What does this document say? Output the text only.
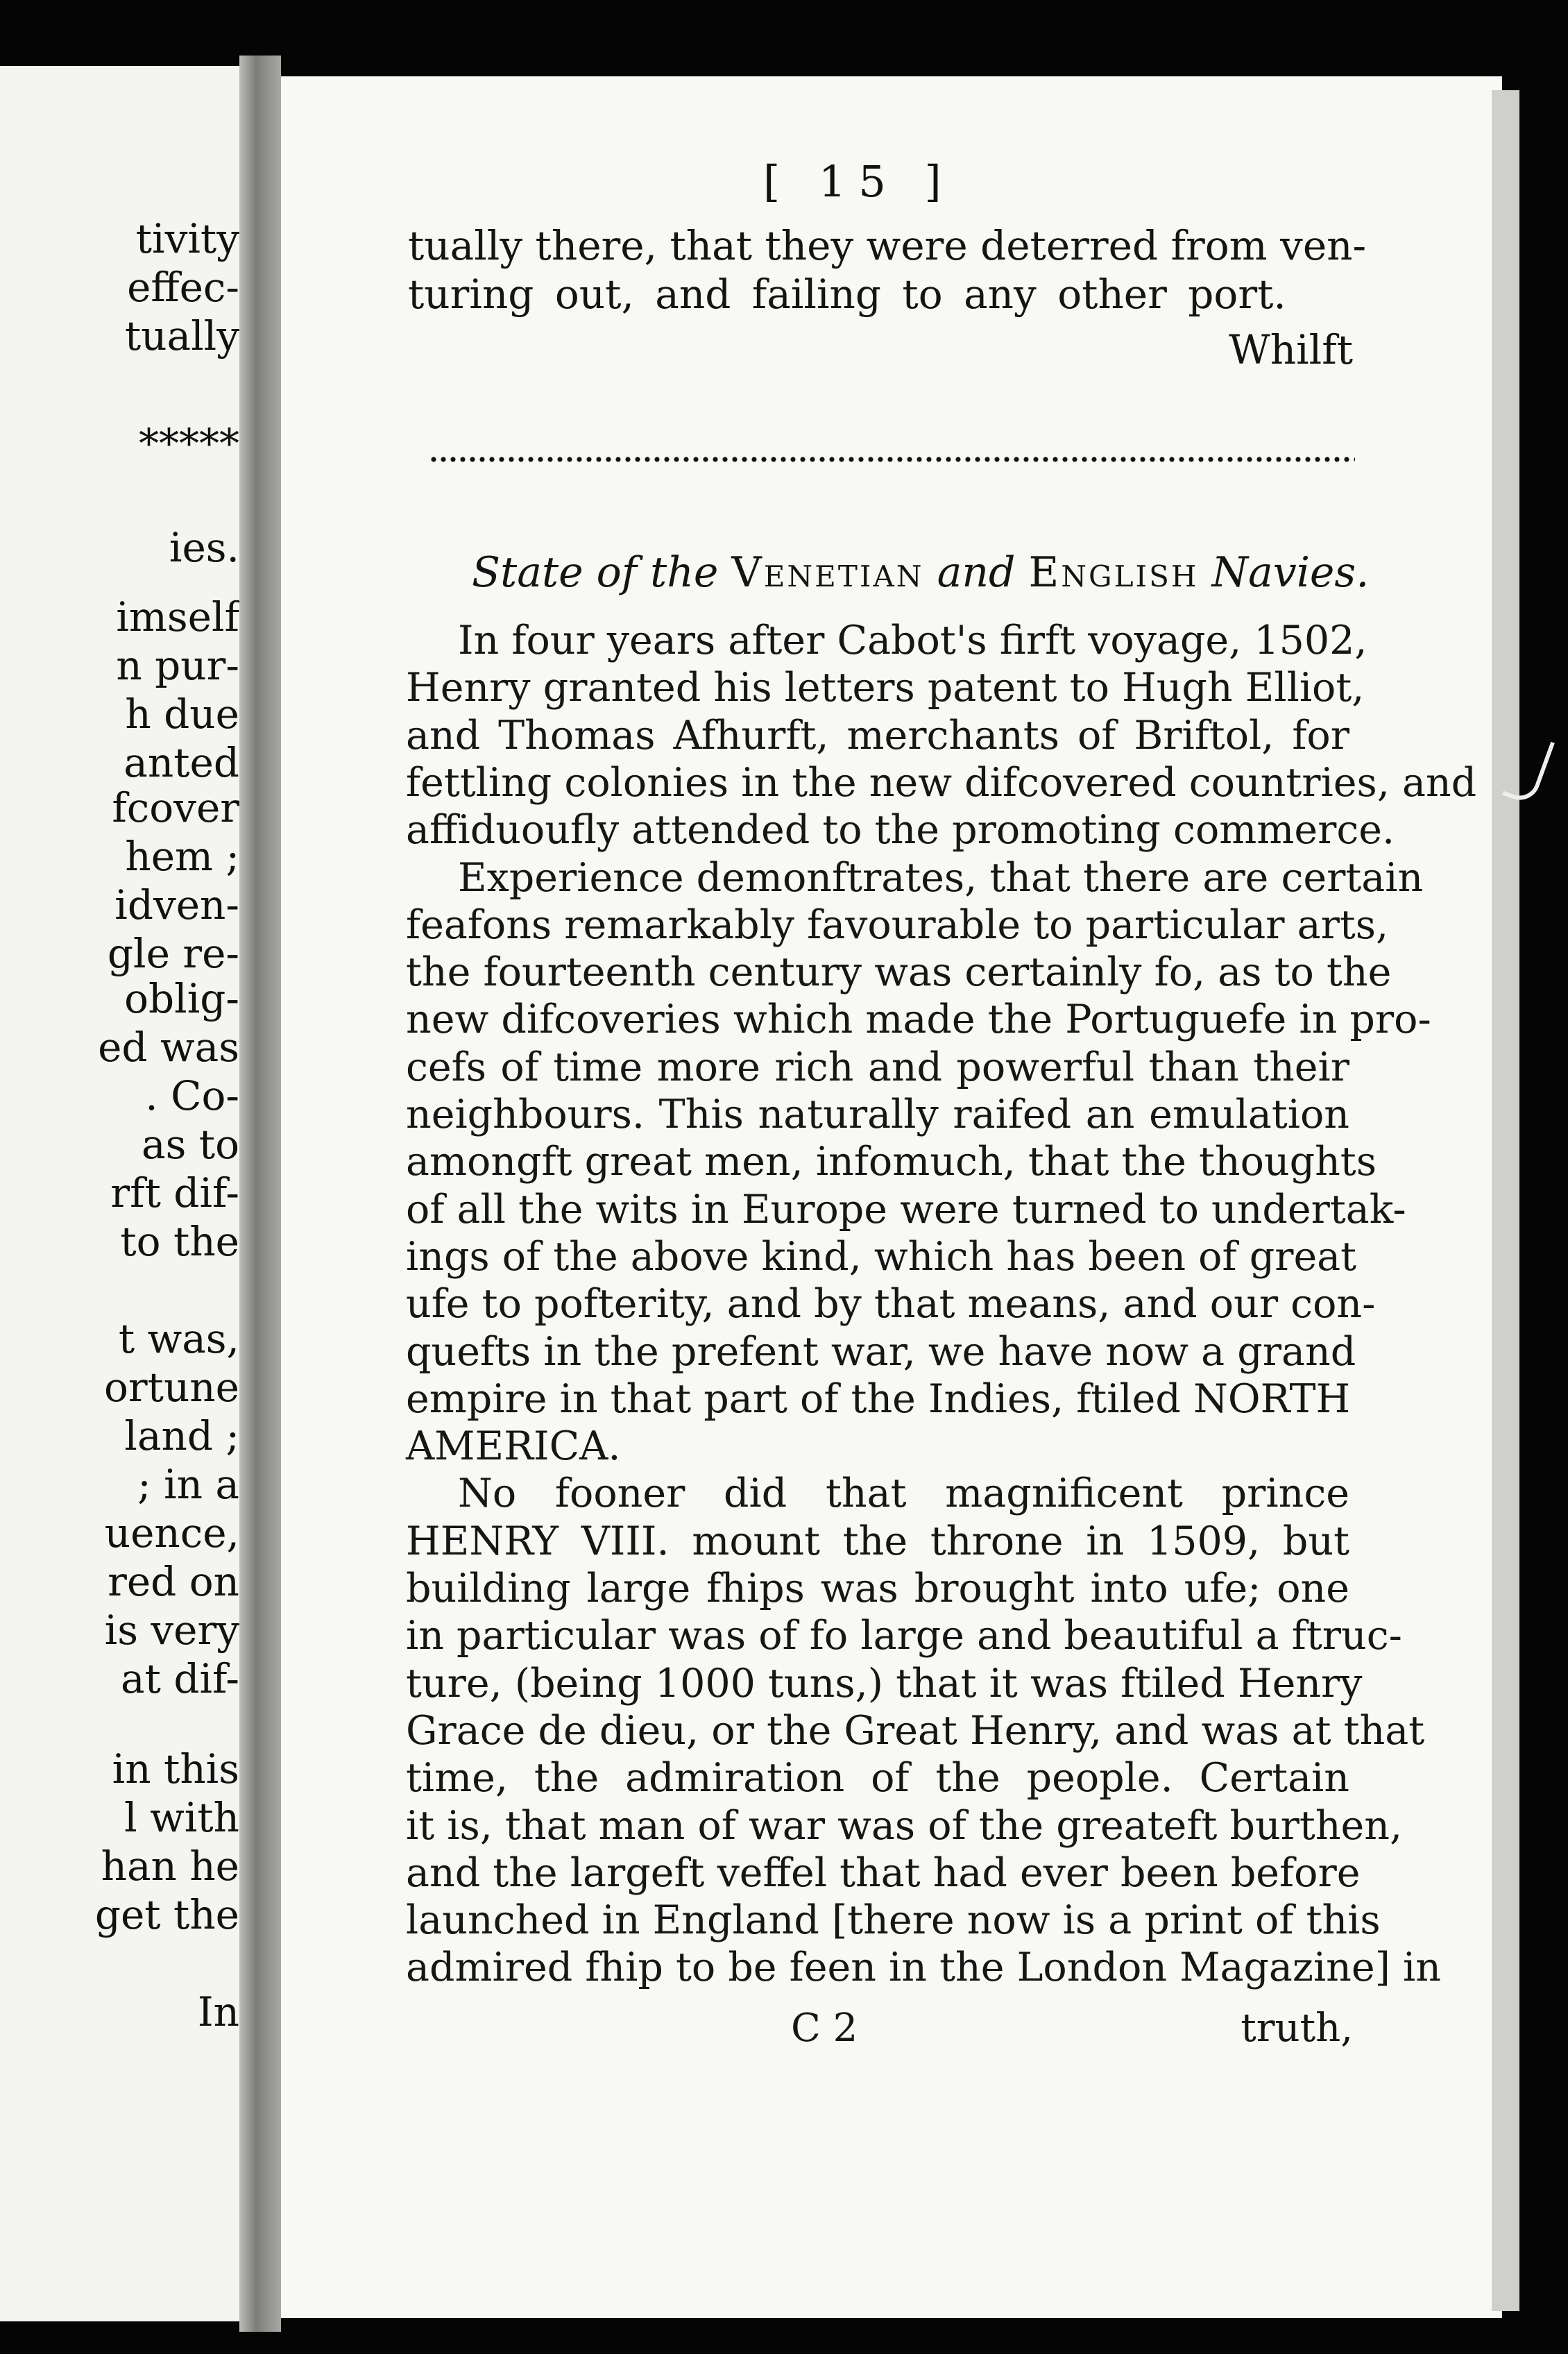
tivity
effec-
tually
*****
ies.
imself
n pur-
h due
anted
fcover
hem ;
idven-
gle re-
oblig-
ed was
. Co-
as to
rft dif-
to the
t was,
ortune
land ;
; in a
uence,
red on
is very
at dif-
in this
l with
han he
get the
In
[ 15 ]
tually there, that they were deterred from ven-
turing out, and failing to any other port.
Whilft
State of the Venetian and English Navies.
In four years after Cabot's firft voyage, 1502,
Henry granted his letters patent to Hugh Elliot,
and Thomas Afhurft, merchants of Briftol, for
fettling colonies in the new difcovered countries, and
affiduoufly attended to the promoting commerce.
Experience demonftrates, that there are certain
feafons remarkably favourable to particular arts,
the fourteenth century was certainly fo, as to the
new difcoveries which made the Portuguefe in pro-
cefs of time more rich and powerful than their
neighbours. This naturally raifed an emulation
amongft great men, infomuch, that the thoughts
of all the wits in Europe were turned to undertak-
ings of the above kind, which has been of great
ufe to pofterity, and by that means, and our con-
quefts in the prefent war, we have now a grand
empire in that part of the Indies, ftiled NORTH
AMERICA.
No fooner did that magnificent prince
HENRY VIII. mount the throne in 1509, but
building large fhips was brought into ufe; one
in particular was of fo large and beautiful a ftruc-
ture, (being 1000 tuns,) that it was ftiled Henry
Grace de dieu, or the Great Henry, and was at that
time, the admiration of the people. Certain
it is, that man of war was of the greateft burthen,
and the largeft veffel that had ever been before
launched in England [there now is a print of this
admired fhip to be feen in the London Magazine] in
C 2	truth,
